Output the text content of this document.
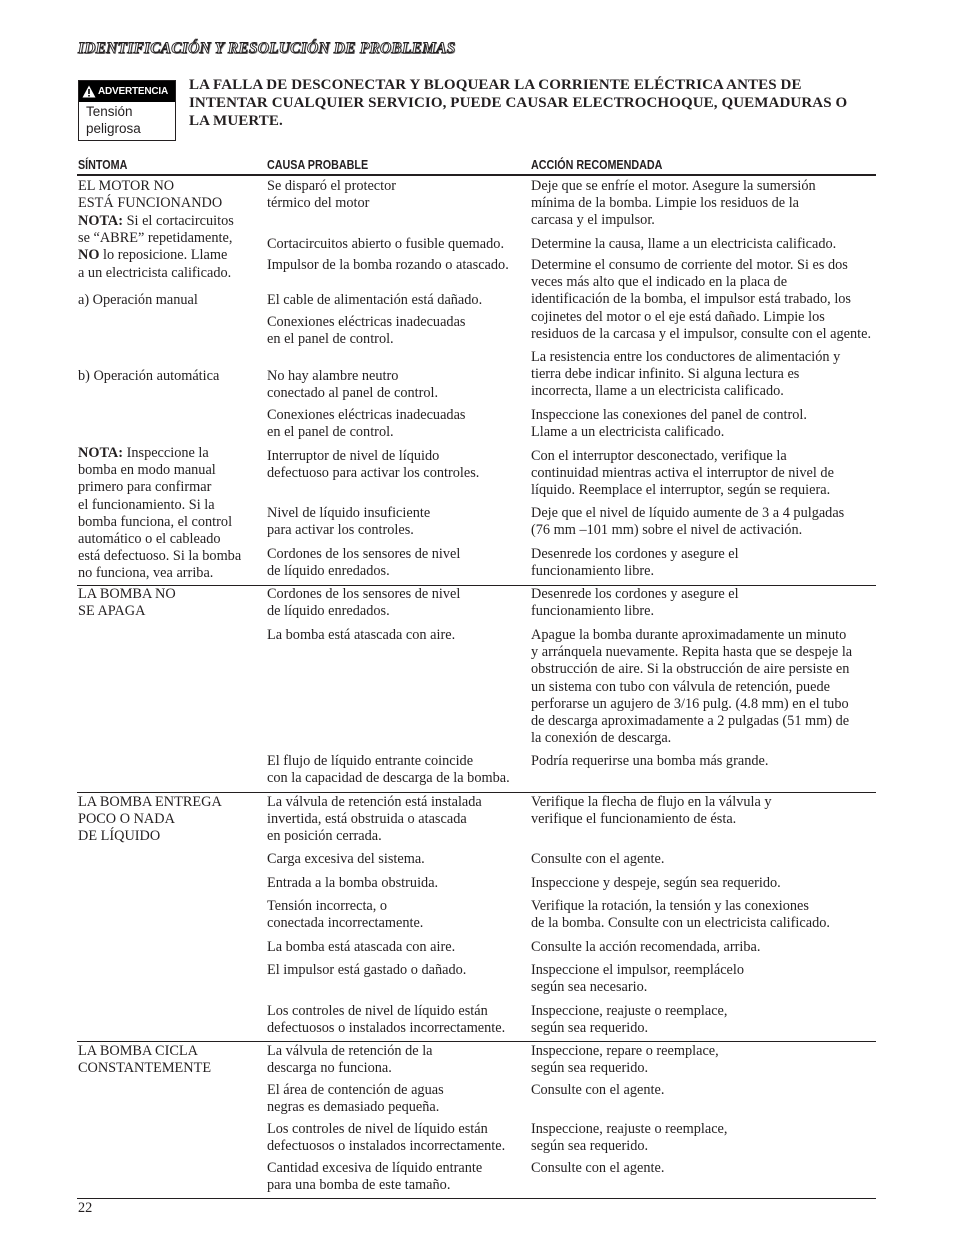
IDENTIFICACIÓN Y RESOLUCIÓN DE PROBLEMAS
ADVERTENCIA
Tensión
peligrosa
LA FALLA DE DESCONECTAR Y BLOQUEAR LA CORRIENTE ELÉCTRICA ANTES DE
INTENTAR CUALQUIER SERVICIO, PUEDE CAUSAR ELECTROCHOQUE, QUEMADURAS O
LA MUERTE.
SÍNTOMA	CAUSA PROBABLE	ACCIÓN RECOMENDADA
EL MOTOR NO
ESTÁ FUNCIONANDO
NOTA: Si el cortacircuitos
se “ABRE” repetidamente,
NO lo reposicione. Llame
a un electricista calificado.
a) Operación manual
b) Operación automática
NOTA: Inspeccione la
bomba en modo manual
primero para confirmar
el funcionamiento. Si la
bomba funciona, el control
automático o el cableado
está defectuoso. Si la bomba
no funciona, vea arriba.
LA BOMBA NO
SE APAGA
LA BOMBA ENTREGA
POCO O NADA
DE LÍQUIDO
LA BOMBA CICLA
CONSTANTEMENTE
Se disparó el protector
térmico del motor
Cortacircuitos abierto o fusible quemado.
Impulsor de la bomba rozando o atascado.
El cable de alimentación está dañado.
Conexiones eléctricas inadecuadas
en el panel de control.
No hay alambre neutro
conectado al panel de control.
Conexiones eléctricas inadecuadas
en el panel de control.
Interruptor de nivel de líquido
defectuoso para activar los controles.
Nivel de líquido insuficiente
para activar los controles.
Cordones de los sensores de nivel
de líquido enredados.
Cordones de los sensores de nivel
de líquido enredados.
La bomba está atascada con aire.
El flujo de líquido entrante coincide
con la capacidad de descarga de la bomba.
La válvula de retención está instalada
invertida, está obstruida o atascada
en posición cerrada.
Carga excesiva del sistema.
Entrada a la bomba obstruida.
Tensión incorrecta, o
conectada incorrectamente.
La bomba está atascada con aire.
El impulsor está gastado o dañado.
Los controles de nivel de líquido están
defectuosos o instalados incorrectamente.
La válvula de retención de la
descarga no funciona.
El área de contención de aguas
negras es demasiado pequeña.
Los controles de nivel de líquido están
defectuosos o instalados incorrectamente.
Cantidad excesiva de líquido entrante
para una bomba de este tamaño.
Deje que se enfríe el motor. Asegure la sumersión
mínima de la bomba. Limpie los residuos de la
carcasa y el impulsor.
Determine la causa, llame a un electricista calificado.
Determine el consumo de corriente del motor. Si es dos
veces más alto que el indicado en la placa de
identificación de la bomba, el impulsor está trabado, los
cojinetes del motor o el eje está dañado. Limpie los
residuos de la carcasa y el impulsor, consulte con el agente.
La resistencia entre los conductores de alimentación y
tierra debe indicar infinito. Si alguna lectura es
incorrecta, llame a un electricista calificado.
Inspeccione las conexiones del panel de control.
Llame a un electricista calificado.
Con el interruptor desconectado, verifique la
continuidad mientras activa el interruptor de nivel de
líquido. Reemplace el interruptor, según se requiera.
Deje que el nivel de líquido aumente de 3 a 4 pulgadas
(76 mm –101 mm) sobre el nivel de activación.
Desenrede los cordones y asegure el
funcionamiento libre.
Desenrede los cordones y asegure el
funcionamiento libre.
Apague la bomba durante aproximadamente un minuto
y arránquela nuevamente. Repita hasta que se despeje la
obstrucción de aire. Si la obstrucción de aire persiste en
un sistema con tubo con válvula de retención, puede
perforarse un agujero de 3/16 pulg. (4.8 mm) en el tubo
de descarga aproximadamente a 2 pulgadas (51 mm) de
la conexión de descarga.
Podría requerirse una bomba más grande.
Verifique la flecha de flujo en la válvula y
verifique el funcionamiento de ésta.
Consulte con el agente.
Inspeccione y despeje, según sea requerido.
Verifique la rotación, la tensión y las conexiones
de la bomba. Consulte con un electricista calificado.
Consulte la acción recomendada, arriba.
Inspeccione el impulsor, reemplácelo
según sea necesario.
Inspeccione, reajuste o reemplace,
según sea requerido.
Inspeccione, repare o reemplace,
según sea requerido.
Consulte con el agente.
Inspeccione, reajuste o reemplace,
según sea requerido.
Consulte con el agente.
22
